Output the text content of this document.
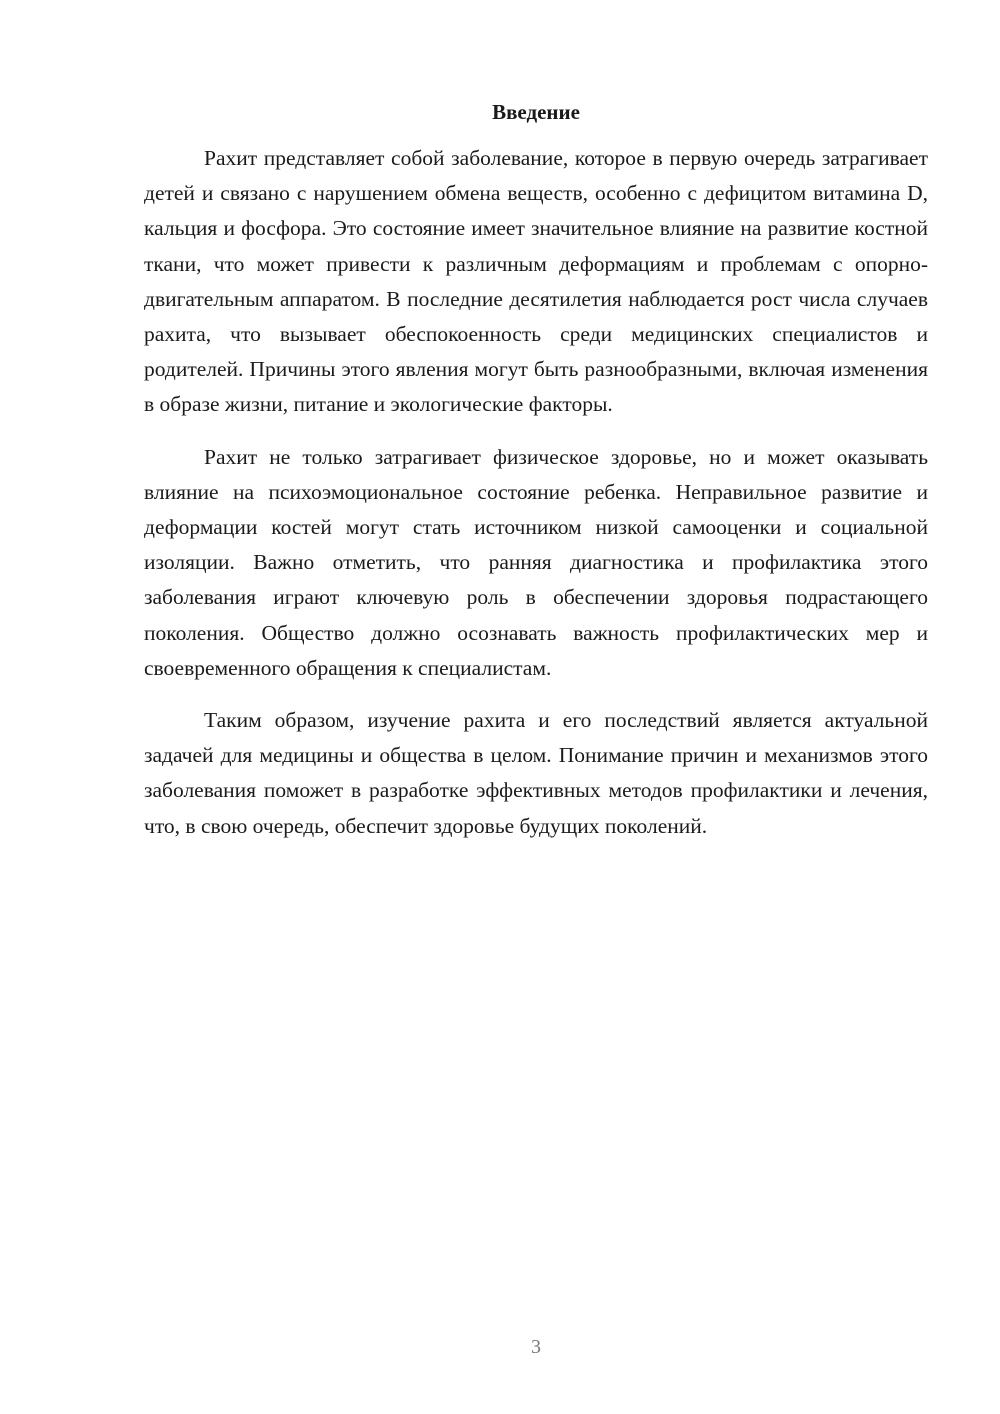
Введение

Рахит представляет собой заболевание, которое в первую очередь затрагивает детей и связано с нарушением обмена веществ, особенно с дефицитом витамина D, кальция и фосфора. Это состояние имеет значительное влияние на развитие костной ткани, что может привести к различным деформациям и проблемам с опорно-двигательным аппаратом. В последние десятилетия наблюдается рост числа случаев рахита, что вызывает обеспокоенность среди медицинских специалистов и родителей. Причины этого явления могут быть разнообразными, включая изменения в образе жизни, питание и экологические факторы.

Рахит не только затрагивает физическое здоровье, но и может оказывать влияние на психоэмоциональное состояние ребенка. Неправильное развитие и деформации костей могут стать источником низкой самооценки и социальной изоляции. Важно отметить, что ранняя диагностика и профилактика этого заболевания играют ключевую роль в обеспечении здоровья подрастающего поколения. Общество должно осознавать важность профилактических мер и своевременного обращения к специалистам.

Таким образом, изучение рахита и его последствий является актуальной задачей для медицины и общества в целом. Понимание причин и механизмов этого заболевания поможет в разработке эффективных методов профилактики и лечения, что, в свою очередь, обеспечит здоровье будущих поколений.

3
